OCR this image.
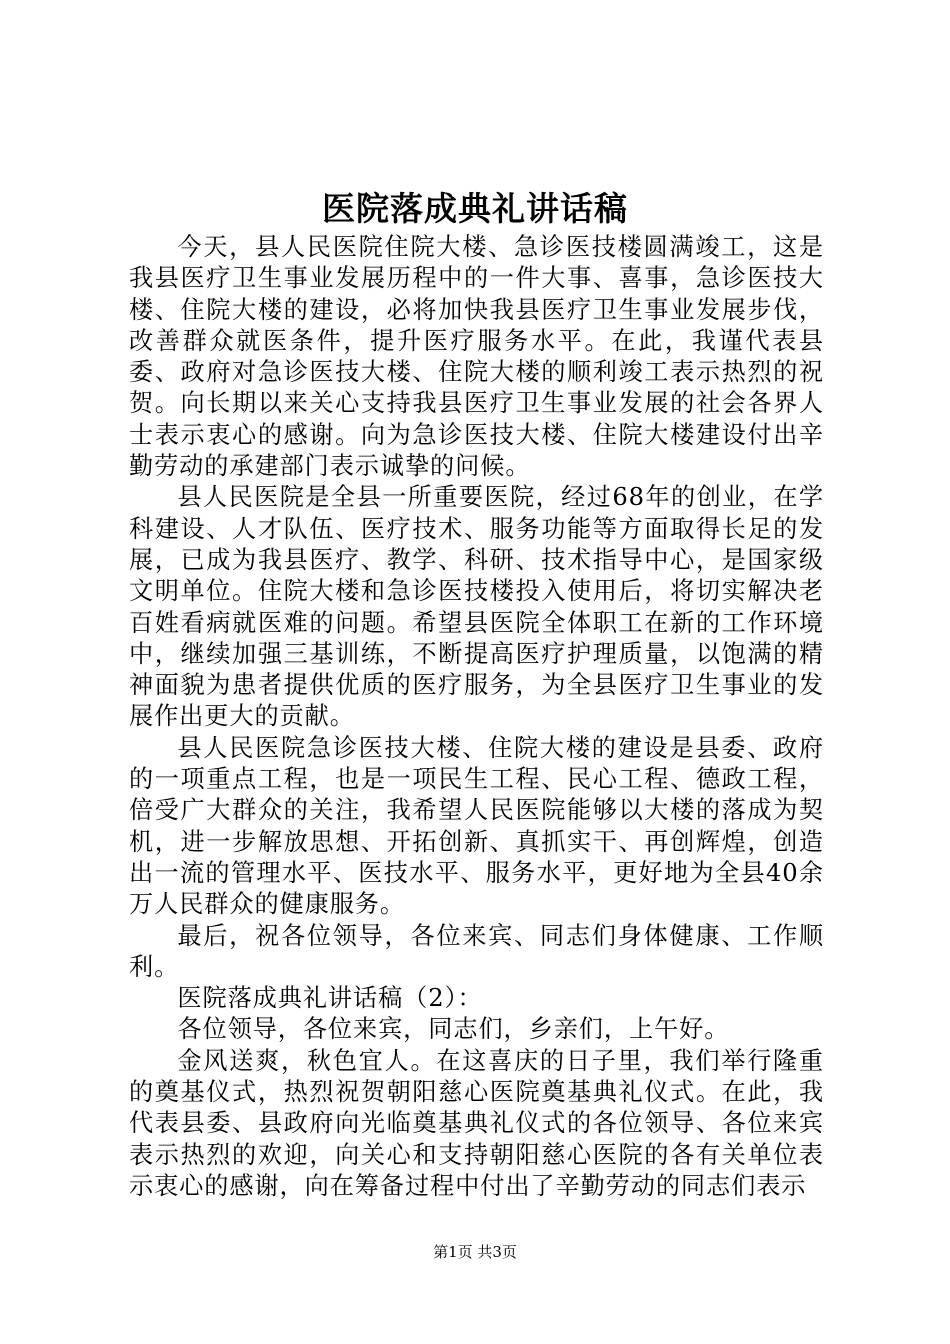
医院落成典礼讲话稿

今天，县人民医院住院大楼、急诊医技楼圆满竣工，这是我县医疗卫生事业发展历程中的一件大事、喜事，急诊医技大楼、住院大楼的建设，必将加快我县医疗卫生事业发展步伐，改善群众就医条件，提升医疗服务水平。在此，我谨代表县委、政府对急诊医技大楼、住院大楼的顺利竣工表示热烈的祝贺。向长期以来关心支持我县医疗卫生事业发展的社会各界人士表示衷心的感谢。向为急诊医技大楼、住院大楼建设付出辛勤劳动的承建部门表示诚挚的问候。

县人民医院是全县一所重要医院，经过68年的创业，在学科建设、人才队伍、医疗技术、服务功能等方面取得长足的发展，已成为我县医疗、教学、科研、技术指导中心，是国家级文明单位。住院大楼和急诊医技楼投入使用后，将切实解决老百姓看病就医难的问题。希望县医院全体职工在新的工作环境中，继续加强三基训练，不断提高医疗护理质量，以饱满的精神面貌为患者提供优质的医疗服务，为全县医疗卫生事业的发展作出更大的贡献。

县人民医院急诊医技大楼、住院大楼的建设是县委、政府的一项重点工程，也是一项民生工程、民心工程、德政工程，倍受广大群众的关注，我希望人民医院能够以大楼的落成为契机，进一步解放思想、开拓创新、真抓实干、再创辉煌，创造出一流的管理水平、医技水平、服务水平，更好地为全县40余万人民群众的健康服务。

最后，祝各位领导，各位来宾、同志们身体健康、工作顺利。

医院落成典礼讲话稿（2）：

各位领导，各位来宾，同志们，乡亲们，上午好。

金风送爽，秋色宜人。在这喜庆的日子里，我们举行隆重的奠基仪式，热烈祝贺朝阳慈心医院奠基典礼仪式。在此，我代表县委、县政府向光临奠基典礼仪式的各位领导、各位来宾表示热烈的欢迎，向关心和支持朝阳慈心医院的各有关单位表示衷心的感谢，向在筹备过程中付出了辛勤劳动的同志们表示

第1页 共3页
